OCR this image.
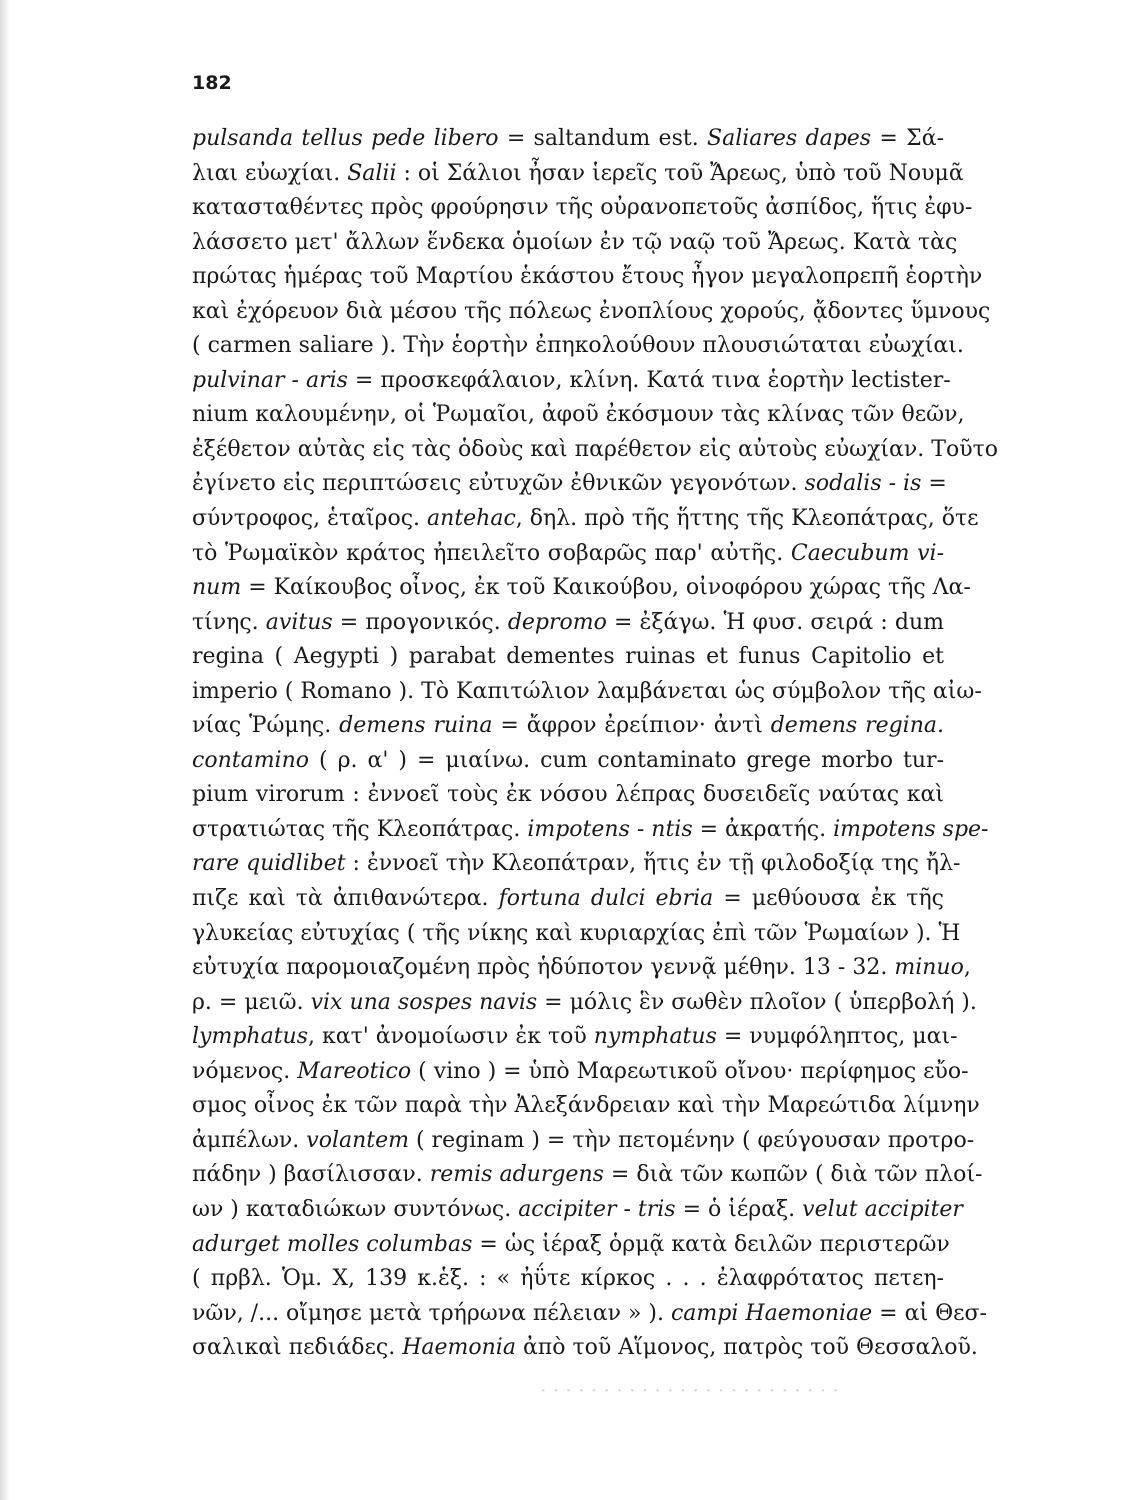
182
pulsanda tellus pede libero = saltandum est. Saliares dapes = Σά-
λιαι εὐωχίαι. Salii : οἱ Σάλιοι ἦσαν ἱερεῖς τοῦ Ἄρεως, ὑπὸ τοῦ Νουμᾶ
κατασταθέντες πρὸς φρούρησιν τῆς οὐρανοπετοῦς ἀσπίδος, ἥτις ἐφυ-
λάσσετο μετ' ἄλλων ἕνδεκα ὁμοίων ἐν τῷ ναῷ τοῦ Ἄρεως. Κατὰ τὰς
πρώτας ἡμέρας τοῦ Μαρτίου ἑκάστου ἔτους ἦγον μεγαλοπρεπῆ ἑορτὴν
καὶ ἐχόρευον διὰ μέσου τῆς πόλεως ἐνοπλίους χορούς, ᾄδοντες ὕμνους
( carmen saliare ). Τὴν ἑορτὴν ἐπηκολούθουν πλουσιώταται εὐωχίαι.
pulvinar - aris = προσκεφάλαιον, κλίνη. Κατά τινα ἑορτὴν lectister-
nium καλουμένην, οἱ Ῥωμαῖοι, ἀφοῦ ἐκόσμουν τὰς κλίνας τῶν θεῶν,
ἐξέθετον αὐτὰς εἰς τὰς ὁδοὺς καὶ παρέθετον εἰς αὐτοὺς εὐωχίαν. Τοῦτο
ἐγίνετο εἰς περιπτώσεις εὐτυχῶν ἐθνικῶν γεγονότων. sodalis - is =
σύντροφος, ἑταῖρος. antehac, δηλ. πρὸ τῆς ἥττης τῆς Κλεοπάτρας, ὅτε
τὸ Ῥωμαϊκὸν κράτος ἠπειλεῖτο σοβαρῶς παρ' αὐτῆς. Caecubum vi-
num = Καίκουβος οἶνος, ἐκ τοῦ Καικούβου, οἰνοφόρου χώρας τῆς Λα-
τίνης. avitus = προγονικός. depromo = ἐξάγω. Ἡ φυσ. σειρά : dum
regina ( Aegypti ) parabat dementes ruinas et funus Capitolio et
imperio ( Romano ). Τὸ Καπιτώλιον λαμβάνεται ὡς σύμβολον τῆς αἰω-
νίας Ῥώμης. demens ruina = ἄφρον ἐρείπιον· ἀντὶ demens regina.
contamino ( ρ. α' ) = μιαίνω. cum contaminato grege morbo tur-
pium virorum : ἐννοεῖ τοὺς ἐκ νόσου λέπρας δυσειδεῖς ναύτας καὶ
στρατιώτας τῆς Κλεοπάτρας. impotens - ntis = ἀκρατής. impotens spe-
rare quidlibet : ἐννοεῖ τὴν Κλεοπάτραν, ἥτις ἐν τῇ φιλοδοξίᾳ της ἤλ-
πιζε καὶ τὰ ἀπιθανώτερα. fortuna dulci ebria = μεθύουσα ἐκ τῆς
γλυκείας εὐτυχίας ( τῆς νίκης καὶ κυριαρχίας ἐπὶ τῶν Ῥωμαίων ). Ἡ
εὐτυχία παρομοιαζομένη πρὸς ἡδύποτον γεννᾷ μέθην. 13 - 32. minuo,
ρ. = μειῶ. vix una sospes navis = μόλις ἓν σωθὲν πλοῖον ( ὑπερβολή ).
lymphatus, κατ' ἀνομοίωσιν ἐκ τοῦ nymphatus = νυμφόληπτος, μαι-
νόμενος. Mareotico ( vino ) = ὑπὸ Μαρεωτικοῦ οἴνου· περίφημος εὔο-
σμος οἶνος ἐκ τῶν παρὰ τὴν Ἀλεξάνδρειαν καὶ τὴν Μαρεώτιδα λίμνην
ἀμπέλων. volantem ( reginam ) = τὴν πετομένην ( φεύγουσαν προτρο-
πάδην ) βασίλισσαν. remis adurgens = διὰ τῶν κωπῶν ( διὰ τῶν πλοί-
ων ) καταδιώκων συντόνως. accipiter - tris = ὁ ἱέραξ. velut accipiter
adurget molles columbas = ὡς ἱέραξ ὁρμᾷ κατὰ δειλῶν περιστερῶν
( πρβλ. Ὁμ. Χ, 139 κ.ἑξ. : « ἠΰτε κίρκος . . . ἐλαφρότατος πετεη-
νῶν, /... οἴμησε μετὰ τρήρωνα πέλειαν » ). campi Haemoniae = αἱ Θεσ-
σαλικαὶ πεδιάδες. Haemonia ἀπὸ τοῦ Αἵμονος, πατρὸς τοῦ Θεσσαλοῦ.
· · · · · · · · · · · · · · · · · · · · · · · ·
